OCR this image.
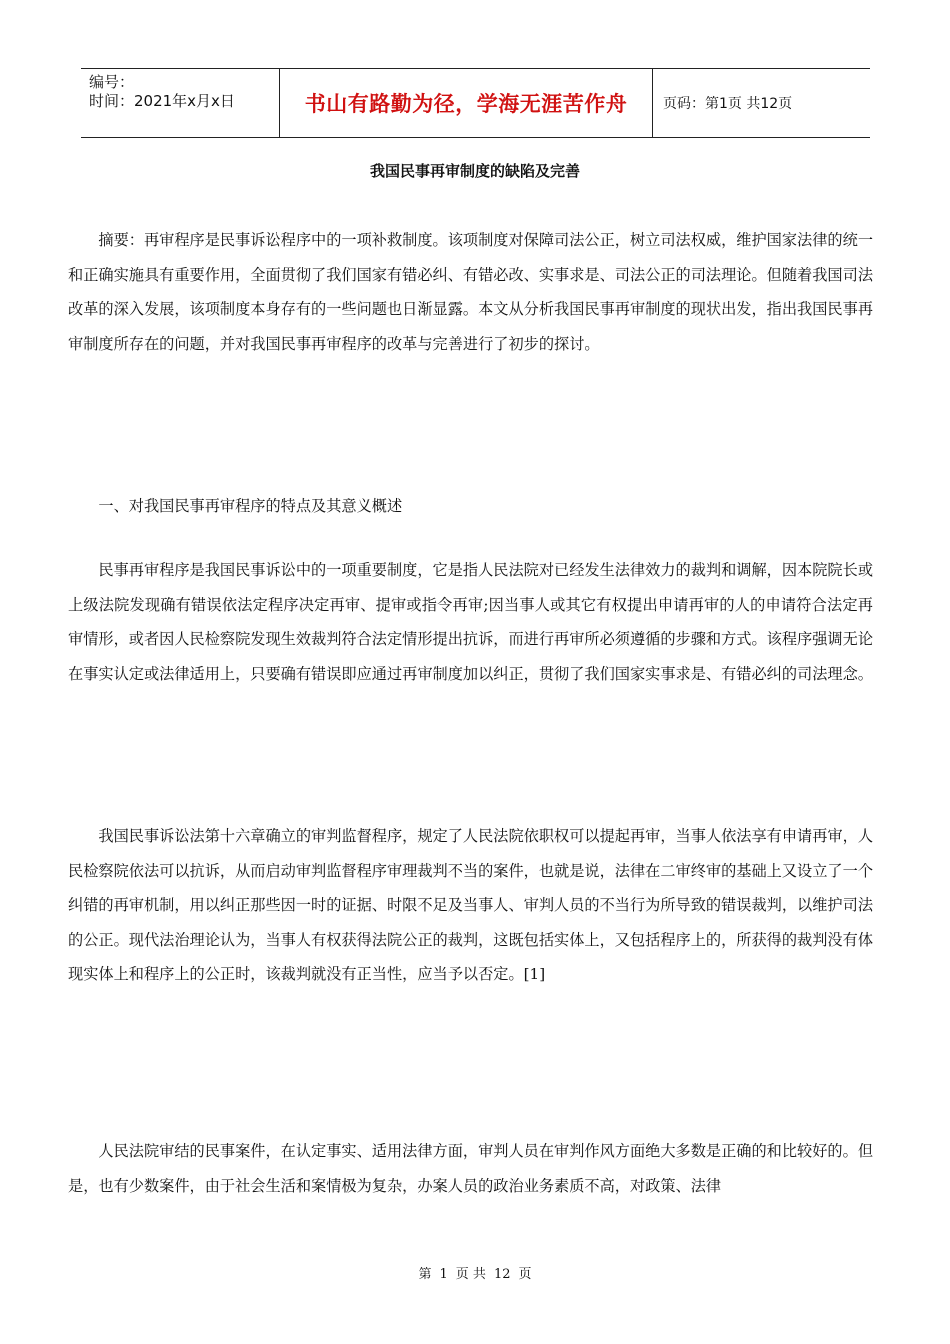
编号：
时间：2021年x月x日	书山有路勤为径，学海无涯苦作舟	页码：第1页 共12页
我国民事再审制度的缺陷及完善

摘要：再审程序是民事诉讼程序中的一项补救制度。该项制度对保障司法公正，树立司法权威，维护国家法律的统一和正确实施具有重要作用，全面贯彻了我们国家有错必纠、有错必改、实事求是、司法公正的司法理论。但随着我国司法改革的深入发展，该项制度本身存有的一些问题也日渐显露。本文从分析我国民事再审制度的现状出发，指出我国民事再审制度所存在的问题，并对我国民事再审程序的改革与完善进行了初步的探讨。

一、对我国民事再审程序的特点及其意义概述

民事再审程序是我国民事诉讼中的一项重要制度，它是指人民法院对已经发生法律效力的裁判和调解，因本院院长或上级法院发现确有错误依法定程序决定再审、提审或指令再审;因当事人或其它有权提出申请再审的人的申请符合法定再审情形，或者因人民检察院发现生效裁判符合法定情形提出抗诉，而进行再审所必须遵循的步骤和方式。该程序强调无论在事实认定或法律适用上，只要确有错误即应通过再审制度加以纠正，贯彻了我们国家实事求是、有错必纠的司法理念。

我国民事诉讼法第十六章确立的审判监督程序，规定了人民法院依职权可以提起再审，当事人依法享有申请再审，人民检察院依法可以抗诉，从而启动审判监督程序审理裁判不当的案件，也就是说，法律在二审终审的基础上又设立了一个纠错的再审机制，用以纠正那些因一时的证据、时限不足及当事人、审判人员的不当行为所导致的错误裁判，以维护司法的公正。现代法治理论认为，当事人有权获得法院公正的裁判，这既包括实体上，又包括程序上的，所获得的裁判没有体现实体上和程序上的公正时，该裁判就没有正当性，应当予以否定。[1]

人民法院审结的民事案件，在认定事实、适用法律方面，审判人员在审判作风方面绝大多数是正确的和比较好的。但是，也有少数案件，由于社会生活和案情极为复杂，办案人员的政治业务素质不高，对政策、法律

第 1 页 共 12 页
